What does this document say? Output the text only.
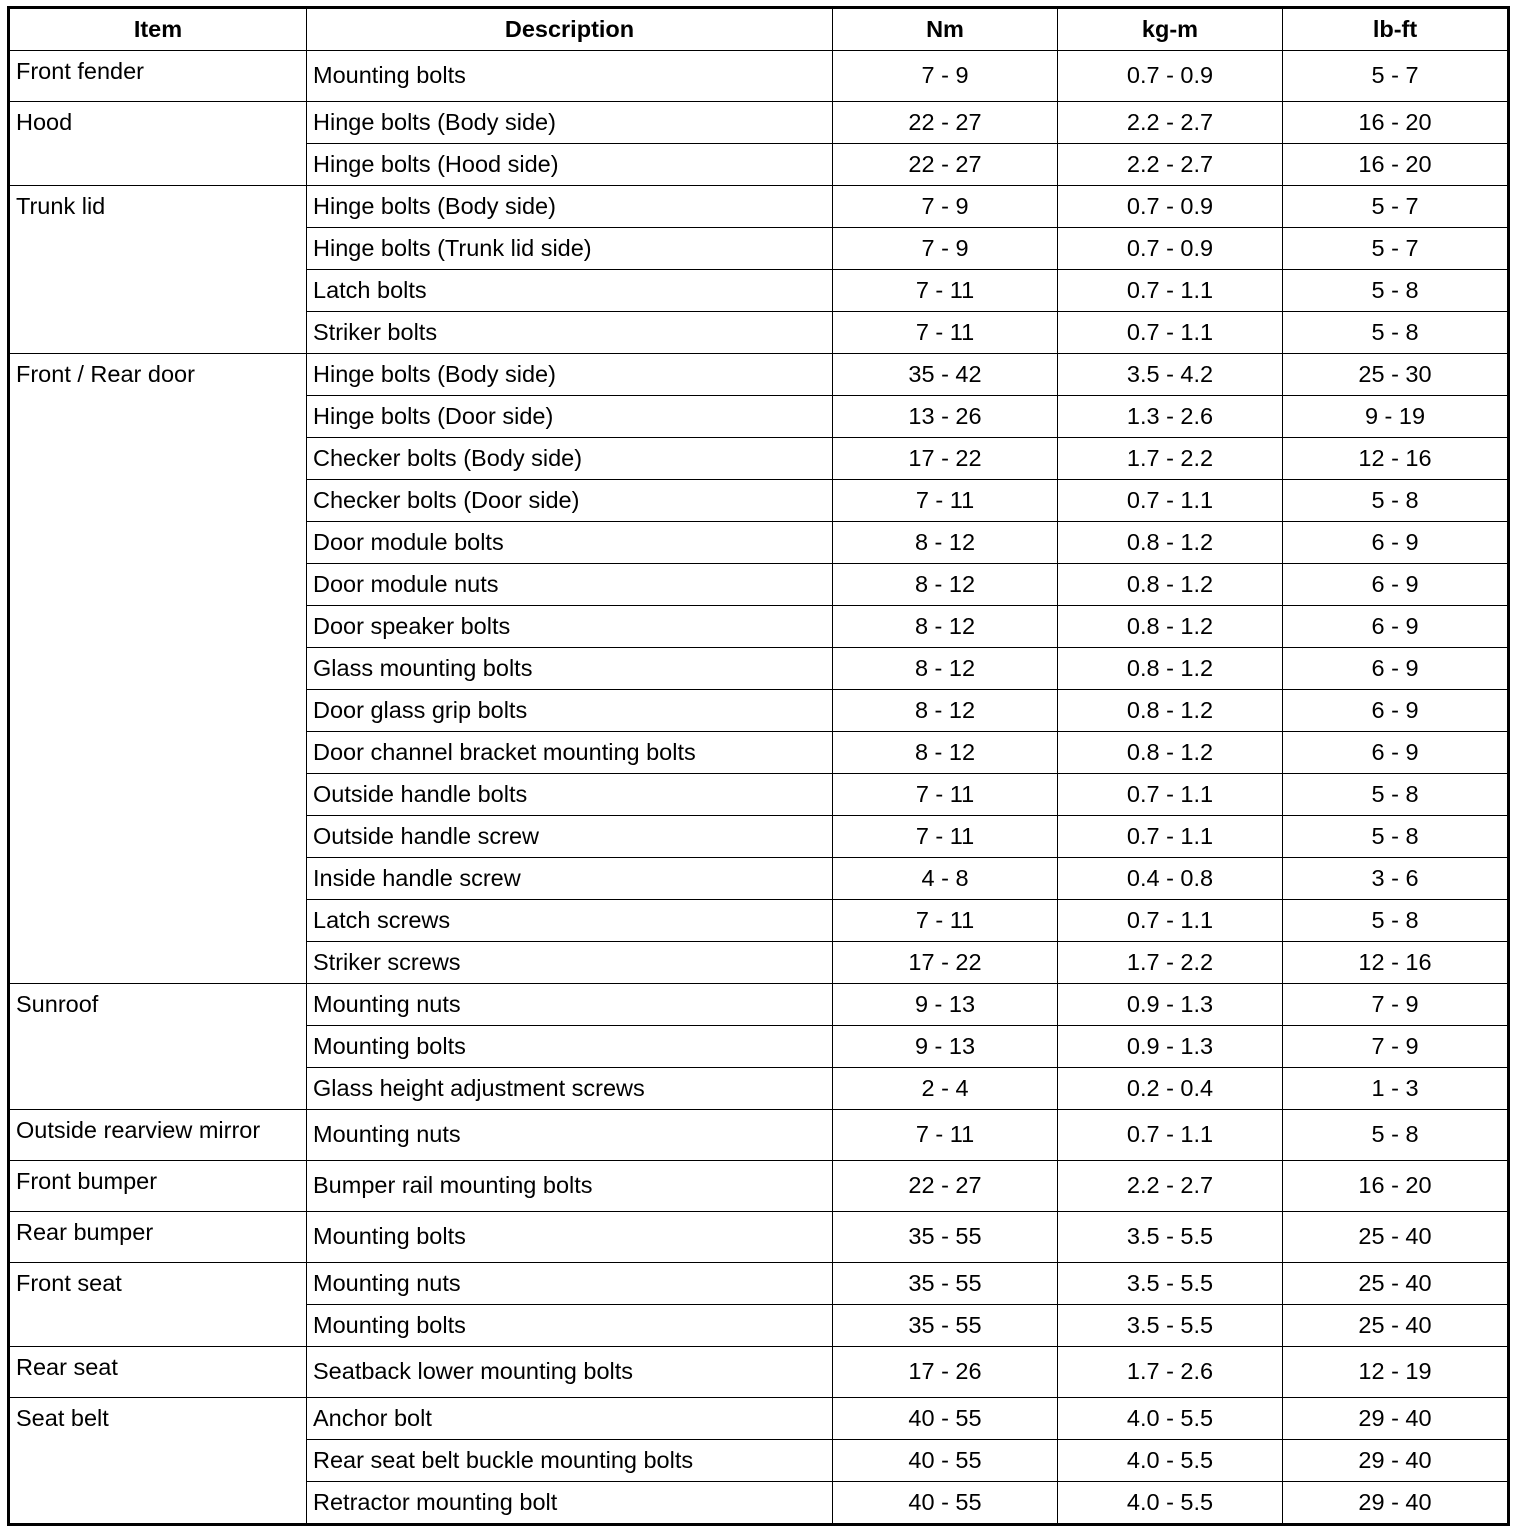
Item	Description	Nm	kg-m	lb-ft
Front fender	Mounting bolts	7 - 9	0.7 - 0.9	5 - 7
Hood	Hinge bolts (Body side)	22 - 27	2.2 - 2.7	16 - 20
	Hinge bolts (Hood side)	22 - 27	2.2 - 2.7	16 - 20
Trunk lid	Hinge bolts (Body side)	7 - 9	0.7 - 0.9	5 - 7
	Hinge bolts (Trunk lid side)	7 - 9	0.7 - 0.9	5 - 7
	Latch bolts	7 - 11	0.7 - 1.1	5 - 8
	Striker bolts	7 - 11	0.7 - 1.1	5 - 8
Front / Rear door	Hinge bolts (Body side)	35 - 42	3.5 - 4.2	25 - 30
	Hinge bolts (Door side)	13 - 26	1.3 - 2.6	9 - 19
	Checker bolts (Body side)	17 - 22	1.7 - 2.2	12 - 16
	Checker bolts (Door side)	7 - 11	0.7 - 1.1	5 - 8
	Door module bolts	8 - 12	0.8 - 1.2	6 - 9
	Door module nuts	8 - 12	0.8 - 1.2	6 - 9
	Door speaker bolts	8 - 12	0.8 - 1.2	6 - 9
	Glass mounting bolts	8 - 12	0.8 - 1.2	6 - 9
	Door glass grip bolts	8 - 12	0.8 - 1.2	6 - 9
	Door channel bracket mounting bolts	8 - 12	0.8 - 1.2	6 - 9
	Outside handle bolts	7 - 11	0.7 - 1.1	5 - 8
	Outside handle screw	7 - 11	0.7 - 1.1	5 - 8
	Inside handle screw	4 - 8	0.4 - 0.8	3 - 6
	Latch screws	7 - 11	0.7 - 1.1	5 - 8
	Striker screws	17 - 22	1.7 - 2.2	12 - 16
Sunroof	Mounting nuts	9 - 13	0.9 - 1.3	7 - 9
	Mounting bolts	9 - 13	0.9 - 1.3	7 - 9
	Glass height adjustment screws	2 - 4	0.2 - 0.4	1 - 3
Outside rearview mirror	Mounting nuts	7 - 11	0.7 - 1.1	5 - 8
Front bumper	Bumper rail mounting bolts	22 - 27	2.2 - 2.7	16 - 20
Rear bumper	Mounting bolts	35 - 55	3.5 - 5.5	25 - 40
Front seat	Mounting nuts	35 - 55	3.5 - 5.5	25 - 40
	Mounting bolts	35 - 55	3.5 - 5.5	25 - 40
Rear seat	Seatback lower mounting bolts	17 - 26	1.7 - 2.6	12 - 19
Seat belt	Anchor bolt	40 - 55	4.0 - 5.5	29 - 40
	Rear seat belt buckle mounting bolts	40 - 55	4.0 - 5.5	29 - 40
	Retractor mounting bolt	40 - 55	4.0 - 5.5	29 - 40
